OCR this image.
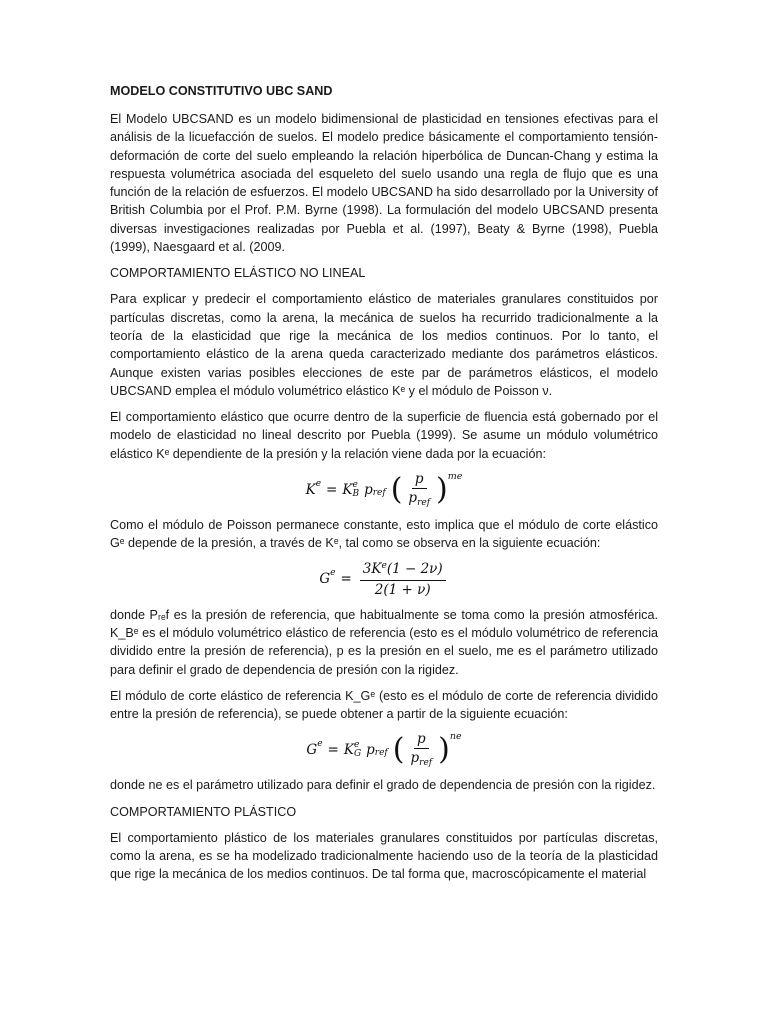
MODELO CONSTITUTIVO UBC SAND

El Modelo UBCSAND es un modelo bidimensional de plasticidad en tensiones efectivas para el análisis de la licuefacción de suelos. El modelo predice básicamente el comportamiento tensión-deformación de corte del suelo empleando la relación hiperbólica de Duncan-Chang y estima la respuesta volumétrica asociada del esqueleto del suelo usando una regla de flujo que es una función de la relación de esfuerzos. El modelo UBCSAND ha sido desarrollado por la University of British Columbia por el Prof. P.M. Byrne (1998). La formulación del modelo UBCSAND presenta diversas investigaciones realizadas por Puebla et al. (1997), Beaty & Byrne (1998), Puebla (1999), Naesgaard et al. (2009.

COMPORTAMIENTO ELÁSTICO NO LINEAL

Para explicar y predecir el comportamiento elástico de materiales granulares constituidos por partículas discretas, como la arena, la mecánica de suelos ha recurrido tradicionalmente a la teoría de la elasticidad que rige la mecánica de los medios continuos. Por lo tanto, el comportamiento elástico de la arena queda caracterizado mediante dos parámetros elásticos. Aunque existen varias posibles elecciones de este par de parámetros elásticos, el modelo UBCSAND emplea el módulo volumétrico elástico Kᵉ y el módulo de Poisson ν.

El comportamiento elástico que ocurre dentro de la superficie de fluencia está gobernado por el modelo de elasticidad no lineal descrito por Puebla (1999). Se asume un módulo volumétrico elástico Kᵉ dependiente de la presión y la relación viene dada por la ecuación:

K e = K e
B p ref ( $\frac{p}{p_{ref}}$ ) me

Como el módulo de Poisson permanece constante, esto implica que el módulo de corte elástico Gᵉ depende de la presión, a través de Kᵉ, tal como se observa en la siguiente ecuación:

G $e = \frac{3K^e(1 - 2\nu)}{2(1 + \nu)}$

donde Pᵣₑf es la presión de referencia, que habitualmente se toma como la presión atmosférica. K_Bᵉ es el módulo volumétrico elástico de referencia (esto es el módulo volumétrico de referencia dividido entre la presión de referencia), p es la presión en el suelo, me es el parámetro utilizado para definir el grado de dependencia de presión con la rigidez.

El módulo de corte elástico de referencia K_Gᵉ (esto es el módulo de corte de referencia dividido entre la presión de referencia), se puede obtener a partir de la siguiente ecuación:

G e = K e
G p ref ( $\frac{p}{p_{ref}}$ ) ne

donde ne es el parámetro utilizado para definir el grado de dependencia de presión con la rigidez.

COMPORTAMIENTO PLÁSTICO

El comportamiento plástico de los materiales granulares constituidos por partículas discretas, como la arena, es se ha modelizado tradicionalmente haciendo uso de la teoría de la plasticidad que rige la mecánica de los medios continuos. De tal forma que, macroscópicamente el material
